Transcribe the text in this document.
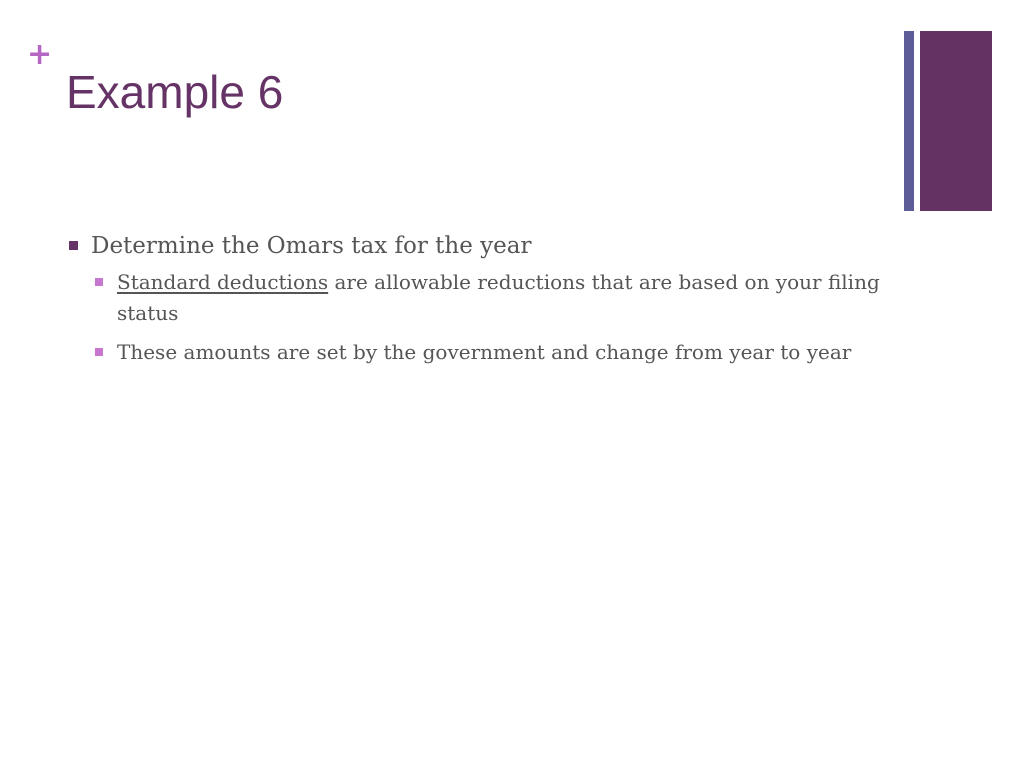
+
Example 6
Determine the Omars tax for the year
Standard deductions are allowable reductions that are based on your filing status
These amounts are set by the government and change from year to year
